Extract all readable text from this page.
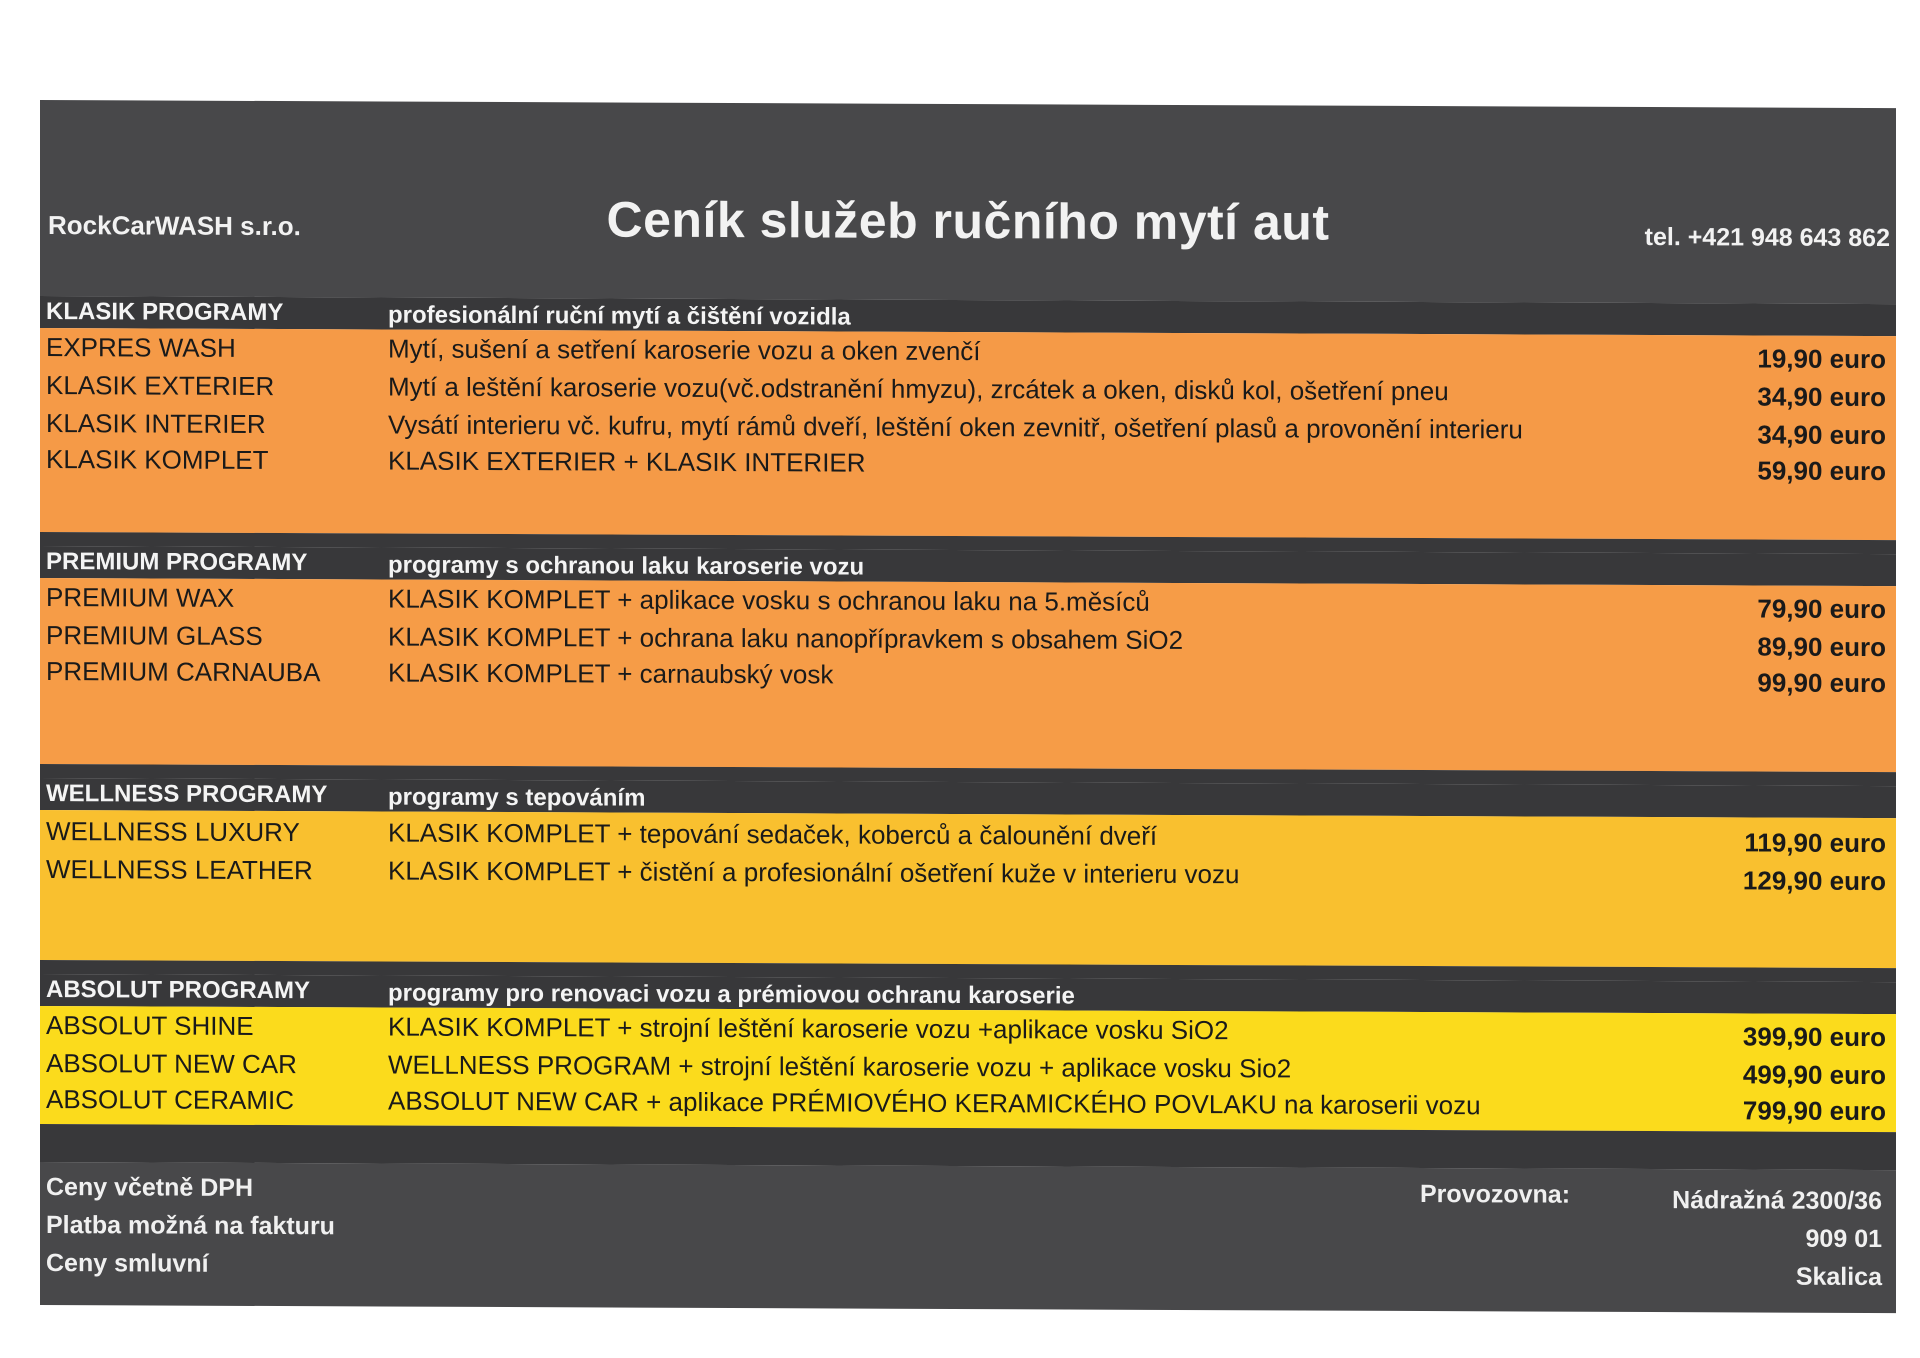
RockCarWASH s.r.o.	Ceník služeb ručního mytí aut	tel. +421 948 643 862
KLASIK PROGRAMY	profesionální ruční mytí a čištění vozidla
EXPRES WASH	Mytí, sušení a setření karoserie vozu a oken zvenčí	19,90 euro
KLASIK EXTERIER	Mytí a leštění karoserie vozu(vč.odstranění hmyzu), zrcátek a oken, disků kol, ošetření pneu	34,90 euro
KLASIK INTERIER	Vysátí interieru vč. kufru, mytí rámů dveří, leštění oken zevnitř, ošetření plasů a provonění interieru	34,90 euro
KLASIK KOMPLET	KLASIK EXTERIER + KLASIK INTERIER	59,90 euro
PREMIUM PROGRAMY	programy s ochranou laku karoserie vozu
PREMIUM WAX	KLASIK KOMPLET + aplikace vosku s ochranou laku na 5.měsíců	79,90 euro
PREMIUM GLASS	KLASIK KOMPLET + ochrana laku nanopřípravkem s obsahem SiO2	89,90 euro
PREMIUM CARNAUBA	KLASIK KOMPLET + carnaubský vosk	99,90 euro
WELLNESS PROGRAMY	programy s tepováním
WELLNESS LUXURY	KLASIK KOMPLET + tepování sedaček, koberců a čalounění dveří	119,90 euro
WELLNESS LEATHER	KLASIK KOMPLET + čistění a profesionální ošetření kuže v interieru vozu	129,90 euro
ABSOLUT PROGRAMY	programy pro renovaci vozu a prémiovou ochranu karoserie
ABSOLUT SHINE	KLASIK KOMPLET + strojní leštění karoserie vozu +aplikace vosku SiO2	399,90 euro
ABSOLUT NEW CAR	WELLNESS PROGRAM + strojní leštění karoserie vozu + aplikace vosku Sio2	499,90 euro
ABSOLUT CERAMIC	ABSOLUT NEW CAR + aplikace PRÉMIOVÉHO KERAMICKÉHO POVLAKU na karoserii vozu	799,90 euro
Ceny včetně DPH
Platba možná na fakturu
Ceny smluvní
Provozovna:	Nádražná 2300/36
909 01
Skalica
